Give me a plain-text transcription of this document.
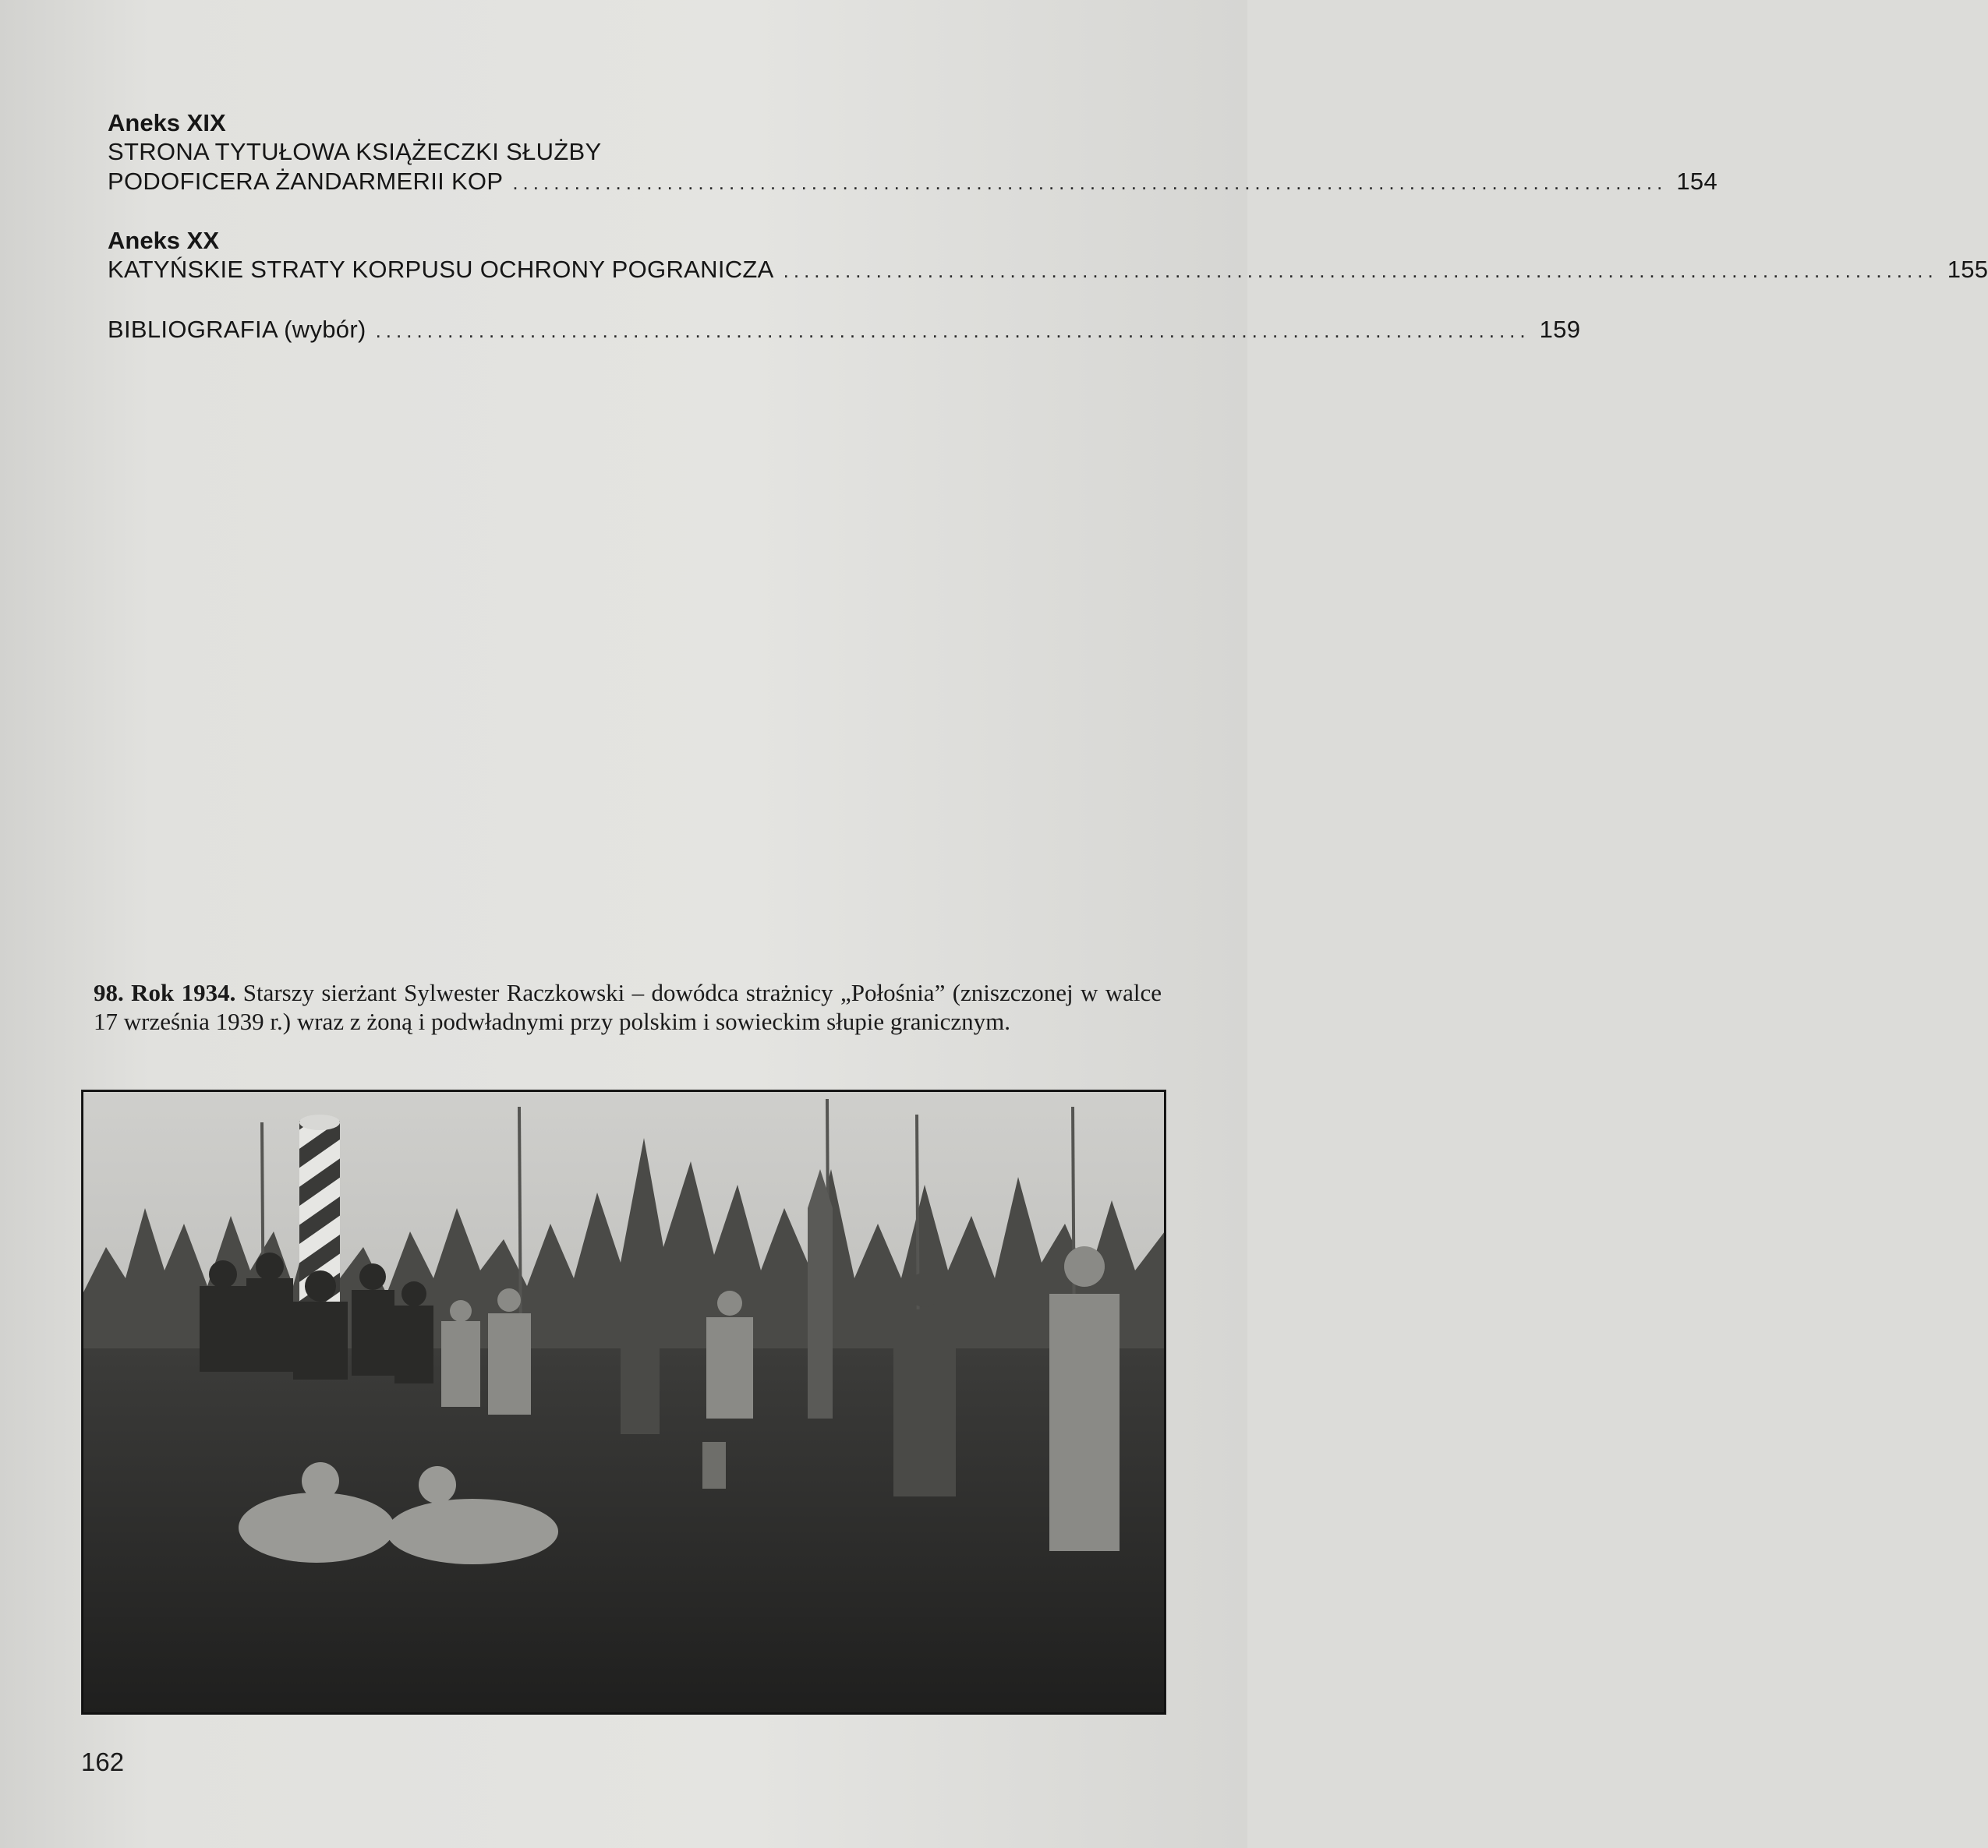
Aneks XIX
STRONA TYTUŁOWA KSIĄŻECZKI SŁUŻBY
PODOFICERA ŻANDARMERII KOP ................................................................................................................ 154
Aneks XX
KATYŃSKIE STRATY KORPUSU OCHRONY POGRANICZA ................................................................................................................ 155
BIBLIOGRAFIA (wybór) ................................................................................................................ 159
98. Rok 1934. Starszy sierżant Sylwester Raczkowski – dowódca strażnicy „Połośnia” (zniszczonej w walce 17 września 1939 r.) wraz z żoną i podwładnymi przy polskim i sowieckim słupie granicznym.
162
